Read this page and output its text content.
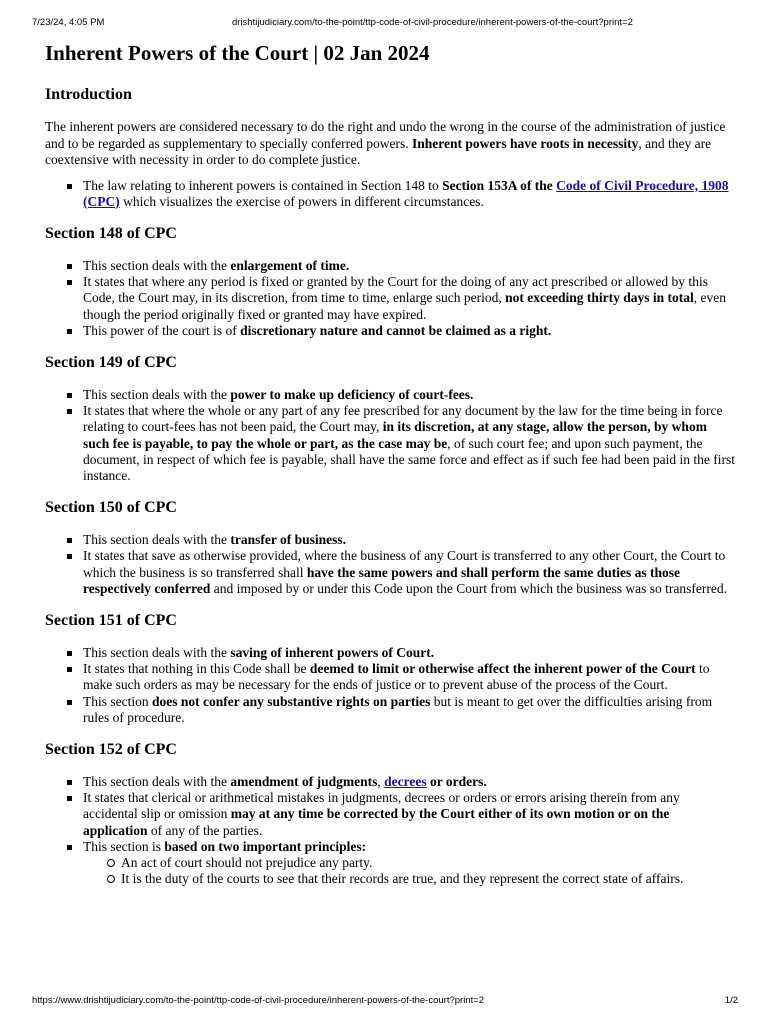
7/23/24, 4:05 PM	drishtijudiciary.com/to-the-point/ttp-code-of-civil-procedure/inherent-powers-of-the-court?print=2
Inherent Powers of the Court | 02 Jan 2024
Introduction

The inherent powers are considered necessary to do the right and undo the wrong in the course of the administration of justice and to be regarded as supplementary to specially conferred powers. Inherent powers have roots in necessity, and they are coextensive with necessity in order to do complete justice.

The law relating to inherent powers is contained in Section 148 to Section 153A of the Code of Civil Procedure, 1908 (CPC) which visualizes the exercise of powers in different circumstances.
Section 148 of CPC
This section deals with the enlargement of time.
It states that where any period is fixed or granted by the Court for the doing of any act prescribed or allowed by this Code, the Court may, in its discretion, from time to time, enlarge such period, not exceeding thirty days in total, even though the period originally fixed or granted may have expired.
This power of the court is of discretionary nature and cannot be claimed as a right.
Section 149 of CPC
This section deals with the power to make up deficiency of court-fees.
It states that where the whole or any part of any fee prescribed for any document by the law for the time being in force relating to court-fees has not been paid, the Court may, in its discretion, at any stage, allow the person, by whom such fee is payable, to pay the whole or part, as the case may be, of such court fee; and upon such payment, the document, in respect of which fee is payable, shall have the same force and effect as if such fee had been paid in the first instance.
Section 150 of CPC
This section deals with the transfer of business.
It states that save as otherwise provided, where the business of any Court is transferred to any other Court, the Court to which the business is so transferred shall have the same powers and shall perform the same duties as those respectively conferred and imposed by or under this Code upon the Court from which the business was so transferred.
Section 151 of CPC
This section deals with the saving of inherent powers of Court.
It states that nothing in this Code shall be deemed to limit or otherwise affect the inherent power of the Court to make such orders as may be necessary for the ends of justice or to prevent abuse of the process of the Court.
This section does not confer any substantive rights on parties but is meant to get over the difficulties arising from rules of procedure.
Section 152 of CPC
This section deals with the amendment of judgments, decrees or orders.
It states that clerical or arithmetical mistakes in judgments, decrees or orders or errors arising therein from any accidental slip or omission may at any time be corrected by the Court either of its own motion or on the application of any of the parties.
This section is based on two important principles:
An act of court should not prejudice any party.
It is the duty of the courts to see that their records are true, and they represent the correct state of affairs.
https://www.drishtijudiciary.com/to-the-point/ttp-code-of-civil-procedure/inherent-powers-of-the-court?print=2	1/2
